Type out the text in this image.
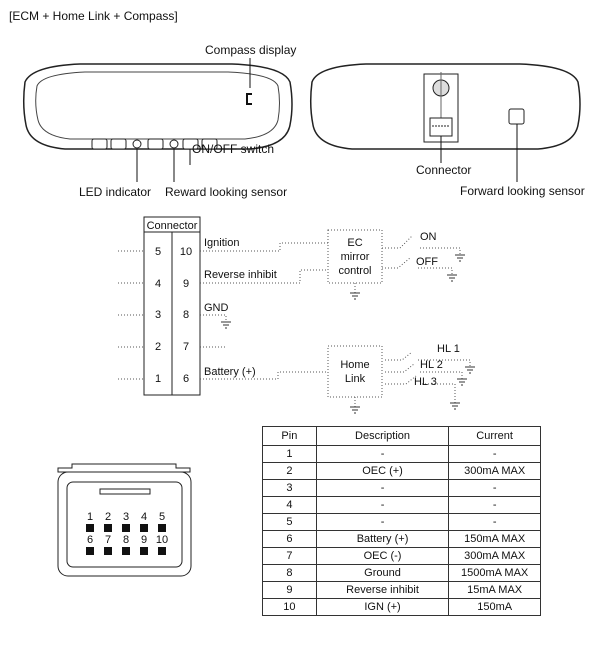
[ECM + Home Link + Compass]
Compass display
ON/OFF switch
LED indicator Reward looking sensor
Connector
Forward looking sensor
Connector
5
4
3
2
1
10
9
8
7
6
Ignition
Reverse inhibit
GND
Battery (+)
EC
mirror
control
ON
OFF
Home
Link
HL 1
HL 2
HL 3
1 2 3 4 5
6 7 8 9 10
Pin	Description	Current
1	-	-
2	OEC (+)	300mA MAX
3	-	-
4	-	-
5	-	-
6	Battery (+)	150mA MAX
7	OEC (-)	300mA MAX
8	Ground	1500mA MAX
9	Reverse inhibit	15mA MAX
10	IGN (+)	150mA
